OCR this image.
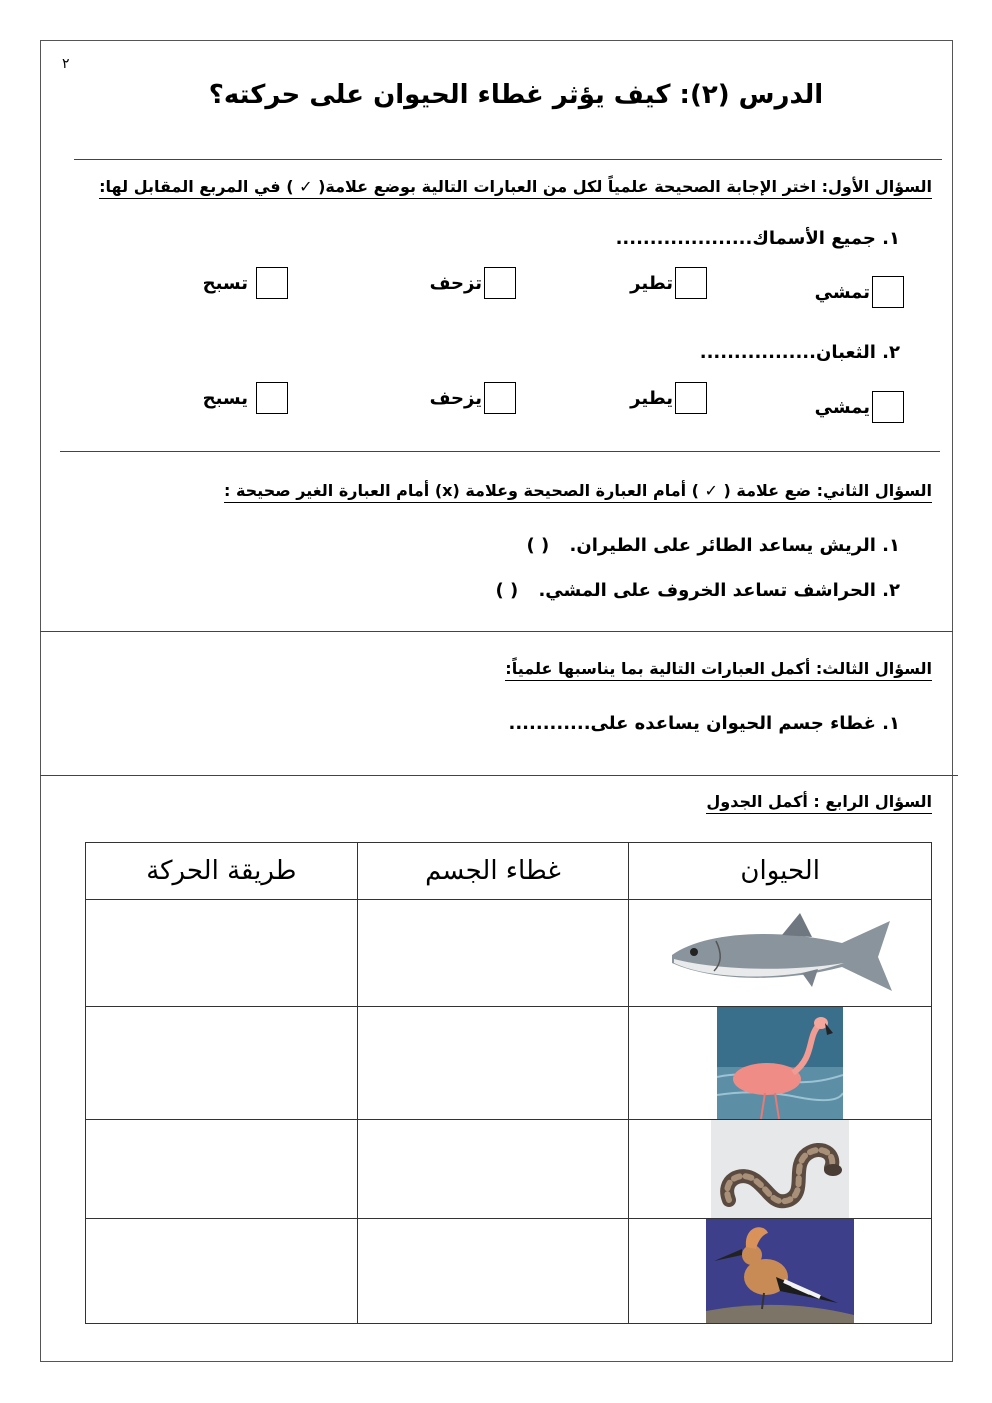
٢
الدرس (٢): كيف يؤثر غطاء الحيوان على حركته؟
السؤال الأول: اختر الإجابة الصحيحة علمياً لكل من العبارات التالية بوضع علامة( ✓ ) في المربع المقابل لها:
١. جميع الأسماك....................
تمشي
تطير
تزحف
تسبح
٢. الثعبان.................
يمشي
يطير
يزحف
يسبح
السؤال الثاني: ضع علامة ( ✓ ) أمام العبارة الصحيحة وعلامة (x) أمام العبارة الغير صحيحة :
١. الريش يساعد الطائر على الطيران. ( )
٢. الحراشف تساعد الخروف على المشي. ( )
السؤال الثالث: أكمل العبارات التالية بما يناسبها علمياً:
١. غطاء جسم الحيوان يساعده على............
السؤال الرابع : أكمل الجدول
الحيوان	غطاء الجسم	طريقة الحركة
